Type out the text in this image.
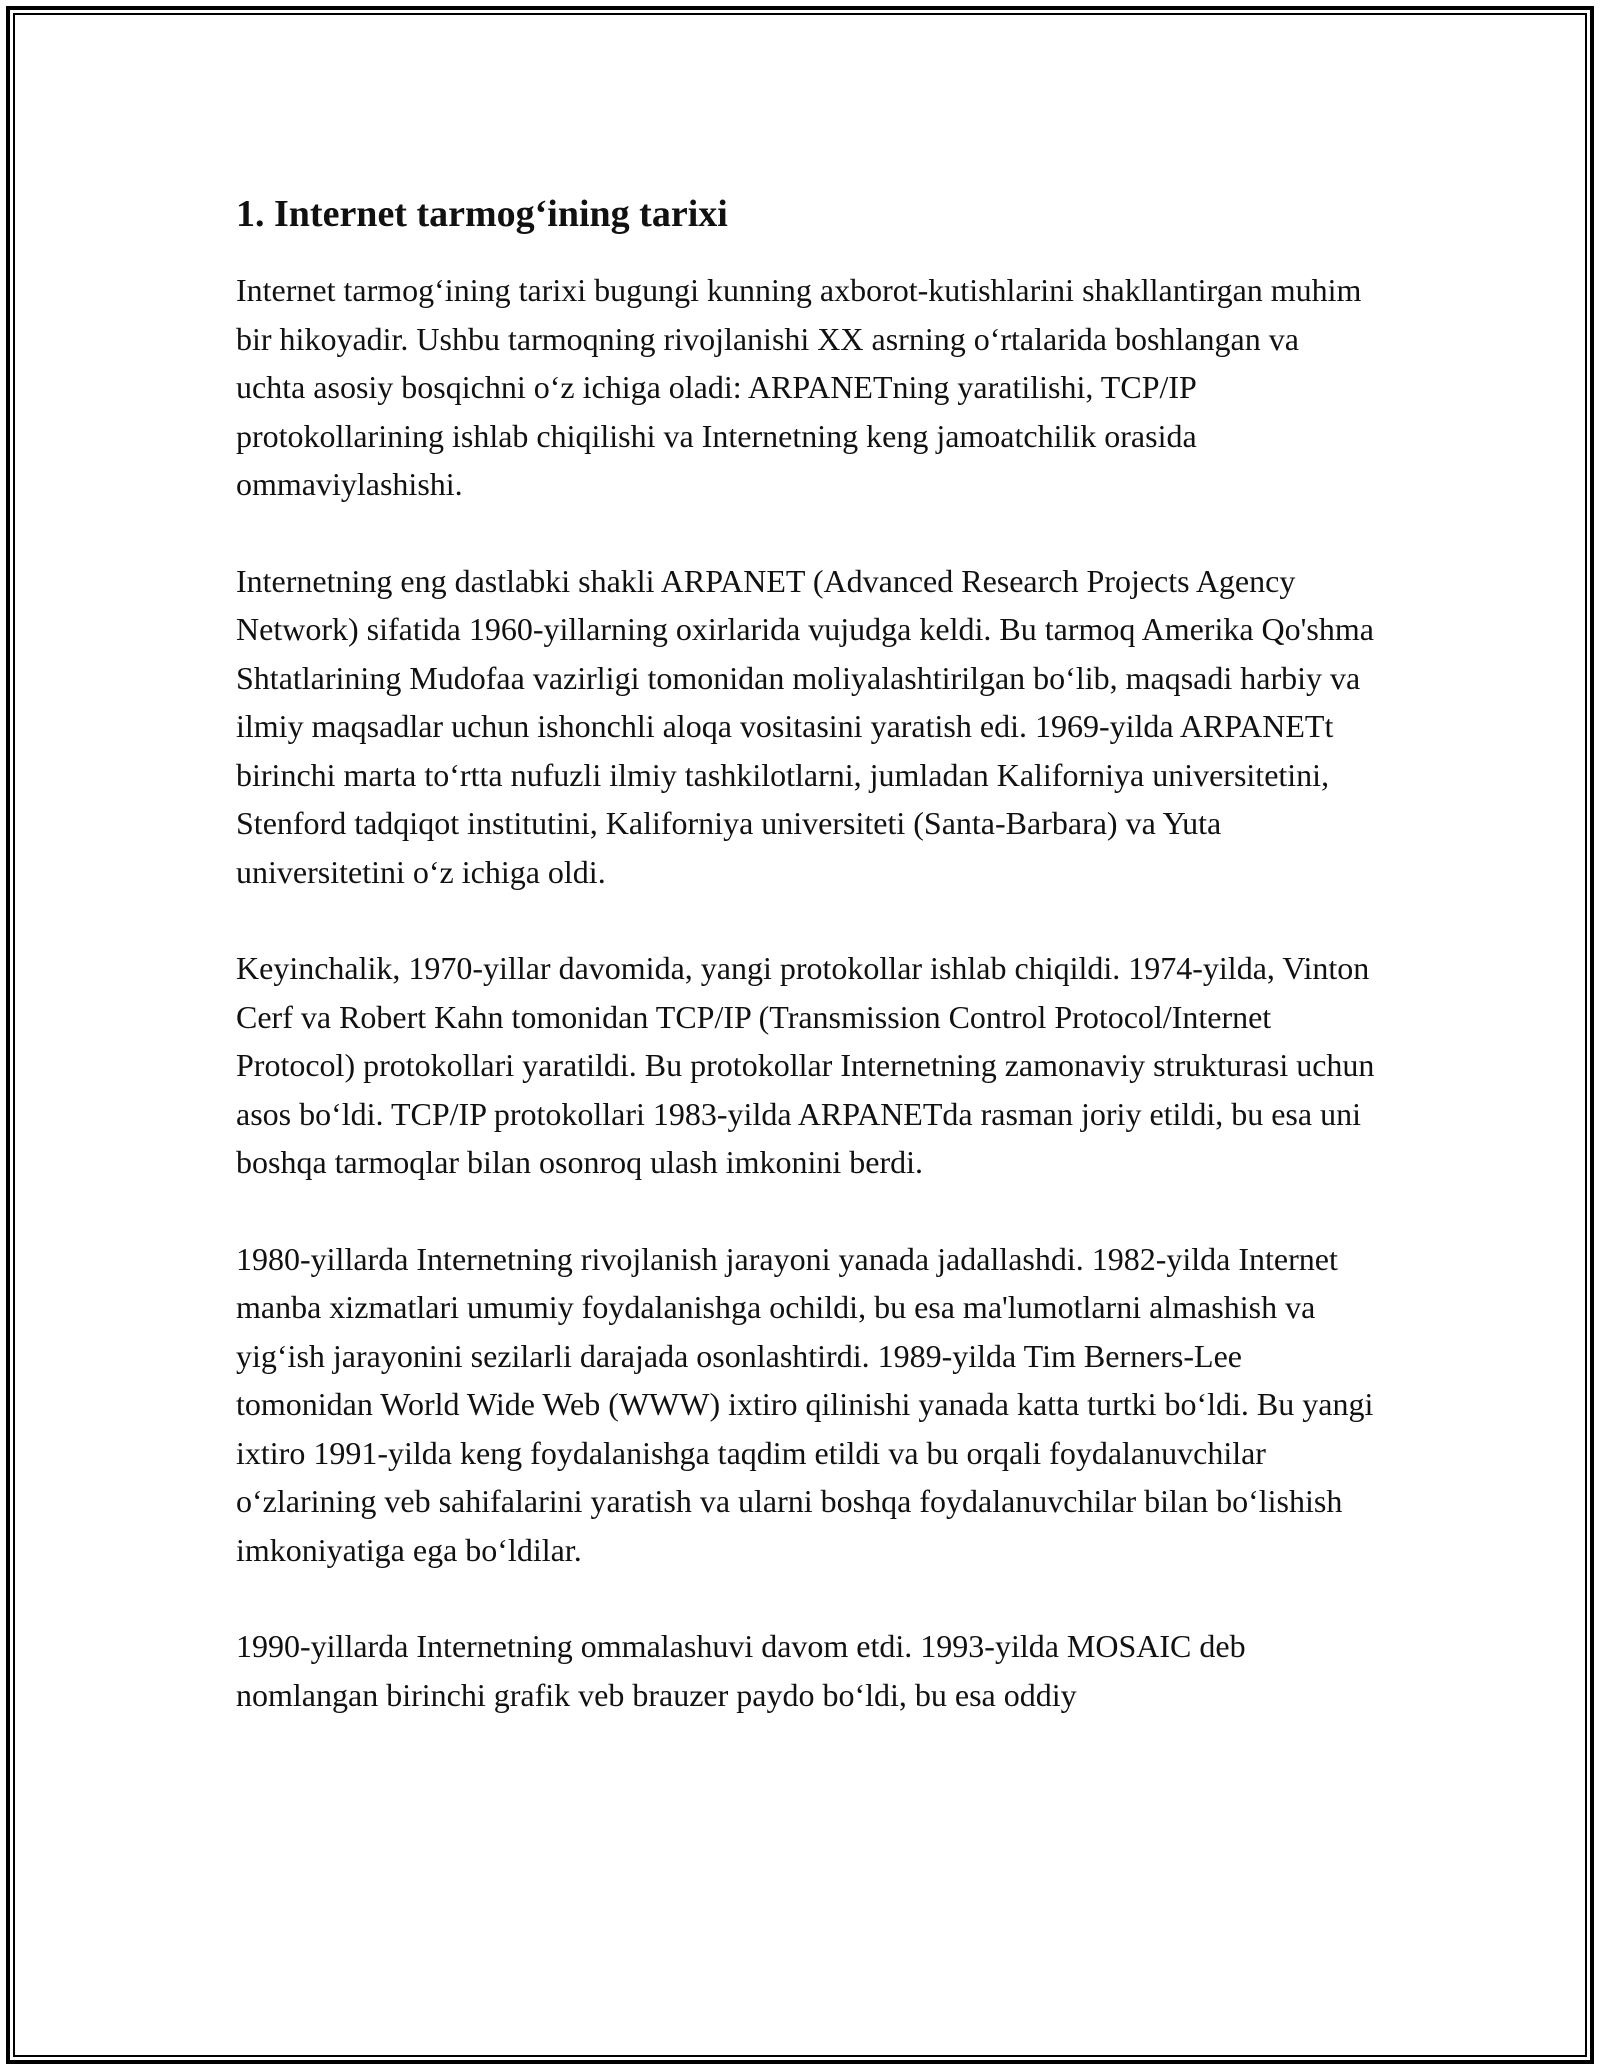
1. Internet tarmog‘ining tarixi

Internet tarmog‘ining tarixi bugungi kunning axborot-kutishlarini shakllantirgan muhim bir hikoyadir. Ushbu tarmoqning rivojlanishi XX asrning o‘rtalarida boshlangan va uchta asosiy bosqichni o‘z ichiga oladi: ARPANETning yaratilishi, TCP/IP protokollarining ishlab chiqilishi va Internetning keng jamoatchilik orasida ommaviylashishi.

Internetning eng dastlabki shakli ARPANET (Advanced Research Projects Agency Network) sifatida 1960-yillarning oxirlarida vujudga keldi. Bu tarmoq Amerika Qo'shma Shtatlarining Mudofaa vazirligi tomonidan moliyalashtirilgan bo‘lib, maqsadi harbiy va ilmiy maqsadlar uchun ishonchli aloqa vositasini yaratish edi. 1969-yilda ARPANETt birinchi marta to‘rtta nufuzli ilmiy tashkilotlarni, jumladan Kaliforniya universitetini, Stenford tadqiqot institutini, Kaliforniya universiteti (Santa-Barbara) va Yuta universitetini o‘z ichiga oldi.

Keyinchalik, 1970-yillar davomida, yangi protokollar ishlab chiqildi. 1974-yilda, Vinton Cerf va Robert Kahn tomonidan TCP/IP (Transmission Control Protocol/Internet Protocol) protokollari yaratildi. Bu protokollar Internetning zamonaviy strukturasi uchun asos bo‘ldi. TCP/IP protokollari 1983-yilda ARPANETda rasman joriy etildi, bu esa uni boshqa tarmoqlar bilan osonroq ulash imkonini berdi.

1980-yillarda Internetning rivojlanish jarayoni yanada jadallashdi. 1982-yilda Internet manba xizmatlari umumiy foydalanishga ochildi, bu esa ma'lumotlarni almashish va yig‘ish jarayonini sezilarli darajada osonlashtirdi. 1989-yilda Tim Berners-Lee tomonidan World Wide Web (WWW) ixtiro qilinishi yanada katta turtki bo‘ldi. Bu yangi ixtiro 1991-yilda keng foydalanishga taqdim etildi va bu orqali foydalanuvchilar o‘zlarining veb sahifalarini yaratish va ularni boshqa foydalanuvchilar bilan bo‘lishish imkoniyatiga ega bo‘ldilar.

1990-yillarda Internetning ommalashuvi davom etdi. 1993-yilda MOSAIC deb nomlangan birinchi grafik veb brauzer paydo bo‘ldi, bu esa oddiy
